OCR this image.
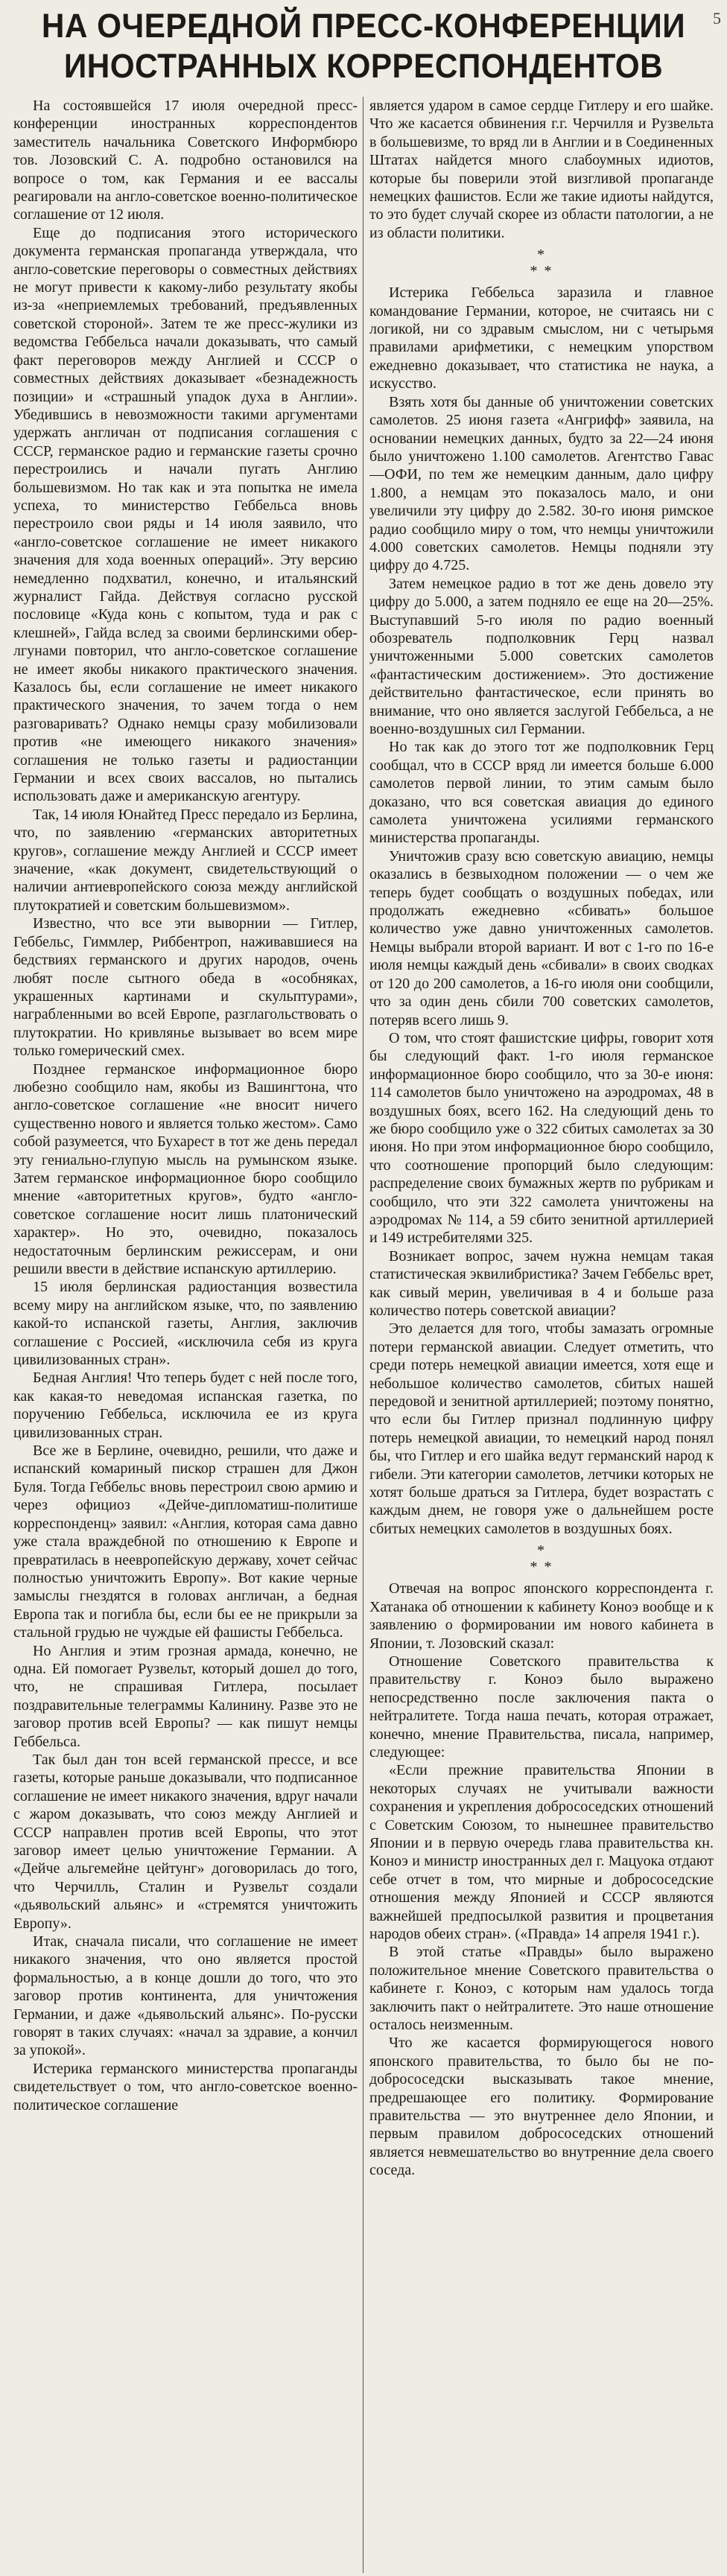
5
НА ОЧЕРЕДНОЙ ПРЕСС-КОНФЕРЕНЦИИ
ИНОСТРАННЫХ КОРРЕСПОНДЕНТОВ

На состоявшейся 17 июля очередной пресс-конференции иностранных корреспондентов заместитель начальника Советского Информбюро тов. Лозовский С. А. подробно остановился на вопросе о том, как Германия и ее вассалы реагировали на англо-советское военно-политическое соглашение от 12 июля.

Еще до подписания этого исторического документа германская пропаганда утверждала, что англо-советские переговоры о совместных действиях не могут привести к какому-либо результату якобы из-за «неприемлемых требований, предъявленных советской стороной». Затем те же пресс-жулики из ведомства Геббельса начали доказывать, что самый факт переговоров между Англией и СССР о совместных действиях доказывает «безнадежность позиции» и «страшный упадок духа в Англии». Убедившись в невозможности такими аргументами удержать англичан от подписания соглашения с СССР, германское радио и германские газеты срочно перестроились и начали пугать Англию большевизмом. Но так как и эта попытка не имела успеха, то министерство Геббельса вновь перестроило свои ряды и 14 июля заявило, что «англо-советское соглашение не имеет никакого значения для хода военных операций». Эту версию немедленно подхватил, конечно, и итальянский журналист Гайда. Действуя согласно русской пословице «Куда конь с копытом, туда и рак с клешней», Гайда вслед за своими берлинскими обер-лгунами повторил, что англо-советское соглашение не имеет якобы никакого практического значения. Казалось бы, если соглашение не имеет никакого практического значения, то зачем тогда о нем разговаривать? Однако немцы сразу мобилизовали против «не имеющего никакого значения» соглашения не только газеты и радиостанции Германии и всех своих вассалов, но пытались использовать даже и американскую агентуру.

Так, 14 июля Юнайтед Пресс передало из Берлина, что, по заявлению «германских авторитетных кругов», соглашение между Англией и СССР имеет значение, «как документ, свидетельствующий о наличии антиевропейского союза между английской плутократией и советским большевизмом».

Известно, что все эти выворнии — Гитлер, Геббельс, Гиммлер, Риббентроп, наживавшиеся на бедствиях германского и других народов, очень любят после сытного обеда в «особняках, украшенных картинами и скульптурами», награбленными во всей Европе, разглагольствовать о плутократии. Но кривлянье вызывает во всем мире только гомерический смех.

Позднее германское информационное бюро любезно сообщило нам, якобы из Вашингтона, что англо-советское соглашение «не вносит ничего существенно нового и является только жестом». Само собой разумеется, что Бухарест в тот же день передал эту гениально-глупую мысль на румынском языке. Затем германское информационное бюро сообщило мнение «авторитетных кругов», будто «англо-советское соглашение носит лишь платонический характер». Но это, очевидно, показалось недостаточным берлинским режиссерам, и они решили ввести в действие испанскую артиллерию.

15 июля берлинская радиостанция возвестила всему миру на английском языке, что, по заявлению какой-то испанской газеты, Англия, заключив соглашение с Россией, «исключила себя из круга цивилизованных стран».

Бедная Англия! Что теперь будет с ней после того, как какая-то неведомая испанская газетка, по поручению Геббельса, исключила ее из круга цивилизованных стран.

Все же в Берлине, очевидно, решили, что даже и испанский комариный пискор страшен для Джон Буля. Тогда Геббельс вновь перестроил свою армию и через официоз «Дейче-дипломатиш-политише корреспонденц» заявил: «Англия, которая сама давно уже стала враждебной по отношению к Европе и превратилась в неевропейскую державу, хочет сейчас полностью уничтожить Европу». Вот какие черные замыслы гнездятся в головах англичан, а бедная Европа так и погибла бы, если бы ее не прикрыли за стальной грудью не чуждые ей фашисты Геббельса.

Но Англия и этим грозная армада, конечно, не одна. Ей помогает Рузвельт, который дошел до того, что, не спрашивая Гитлера, посылает поздравительные телеграммы Калинину. Разве это не заговор против всей Европы? — как пишут немцы Геббельса.

Так был дан тон всей германской прессе, и все газеты, которые раньше доказывали, что подписанное соглашение не имеет никакого значения, вдруг начали с жаром доказывать, что союз между Англией и СССР направлен против всей Европы, что этот заговор имеет целью уничтожение Германии. А «Дейче альгемейне цейтунг» договорилась до того, что Черчилль, Сталин и Рузвельт создали «дьявольский альянс» и «стремятся уничтожить Европу».

Итак, сначала писали, что соглашение не имеет никакого значения, что оно является простой формальностью, а в конце дошли до того, что это заговор против континента, для уничтожения Германии, и даже «дьявольский альянс». По-русски говорят в таких случаях: «начал за здравие, а кончил за упокой».

Истерика германского министерства пропаганды свидетельствует о том, что англо-советское военно-политическое соглашение

является ударом в самое сердце Гитлеру и его шайке. Что же касается обвинения г.г. Черчилля и Рузвельта в большевизме, то вряд ли в Англии и в Соединенных Штатах найдется много слабоумных идиотов, которые бы поверили этой визгливой пропаганде немецких фашистов. Если же такие идиоты найдутся, то это будет случай скорее из области патологии, а не из области политики.

*
* *

Истерика Геббельса заразила и главное командование Германии, которое, не считаясь ни с логикой, ни со здравым смыслом, ни с четырьмя правилами арифметики, с немецким упорством ежедневно доказывает, что статистика не наука, а искусство.

Взять хотя бы данные об уничтожении советских самолетов. 25 июня газета «Ангрифф» заявила, на основании немецких данных, будто за 22—24 июня было уничтожено 1.100 самолетов. Агентство Гавас—ОФИ, по тем же немецким данным, дало цифру 1.800, а немцам это показалось мало, и они увеличили эту цифру до 2.582. 30-го июня римское радио сообщило миру о том, что немцы уничтожили 4.000 советских самолетов. Немцы подняли эту цифру до 4.725.

Затем немецкое радио в тот же день довело эту цифру до 5.000, а затем подняло ее еще на 20—25%. Выступавший 5-го июля по радио военный обозреватель подполковник Герц назвал уничтоженными 5.000 советских самолетов «фантастическим достижением». Это достижение действительно фантастическое, если принять во внимание, что оно является заслугой Геббельса, а не военно-воздушных сил Германии.

Но так как до этого тот же подполковник Герц сообщал, что в СССР вряд ли имеется больше 6.000 самолетов первой линии, то этим самым было доказано, что вся советская авиация до единого самолета уничтожена усилиями германского министерства пропаганды.

Уничтожив сразу всю советскую авиацию, немцы оказались в безвыходном положении — о чем же теперь будет сообщать о воздушных победах, или продолжать ежедневно «сбивать» большое количество уже давно уничтоженных самолетов. Немцы выбрали второй вариант. И вот с 1-го по 16-е июля немцы каждый день «сбивали» в своих сводках от 120 до 200 самолетов, а 16-го июля они сообщили, что за один день сбили 700 советских самолетов, потеряв всего лишь 9.

О том, что стоят фашистские цифры, говорит хотя бы следующий факт. 1-го июля германское информационное бюро сообщило, что за 30-е июня: 114 самолетов было уничтожено на аэродромах, 48 в воздушных боях, всего 162. На следующий день то же бюро сообщило уже о 322 сбитых самолетах за 30 июня. Но при этом информационное бюро сообщило, что соотношение пропорций было следующим: распределение своих бумажных жертв по рубрикам и сообщило, что эти 322 самолета уничтожены на аэродромах № 114, а 59 сбито зенитной артиллерией и 149 истребителями 325.

Возникает вопрос, зачем нужна немцам такая статистическая эквилибристика? Зачем Геббельс врет, как сивый мерин, увеличивая в 4 и больше раза количество потерь советской авиации?

Это делается для того, чтобы замазать огромные потери германской авиации. Следует отметить, что среди потерь немецкой авиации имеется, хотя еще и небольшое количество самолетов, сбитых нашей передовой и зенитной артиллерией; поэтому понятно, что если бы Гитлер признал подлинную цифру потерь немецкой авиации, то немецкий народ понял бы, что Гитлер и его шайка ведут германский народ к гибели. Эти категории самолетов, летчики которых не хотят больше драться за Гитлера, будет возрастать с каждым днем, не говоря уже о дальнейшем росте сбитых немецких самолетов в воздушных боях.

*
* *

Отвечая на вопрос японского корреспондента г. Хатанака об отношении к кабинету Коноэ вообще и к заявлению о формировании им нового кабинета в Японии, т. Лозовский сказал:

Отношение Советского правительства к правительству г. Коноэ было выражено непосредственно после заключения пакта о нейтралитете. Тогда наша печать, которая отражает, конечно, мнение Правительства, писала, например, следующее:

«Если прежние правительства Японии в некоторых случаях не учитывали важности сохранения и укрепления добрососедских отношений с Советским Союзом, то нынешнее правительство Японии и в первую очередь глава правительства кн. Коноэ и министр иностранных дел г. Мацуока отдают себе отчет в том, что мирные и добрососедские отношения между Японией и СССР являются важнейшей предпосылкой развития и процветания народов обеих стран». («Правда» 14 апреля 1941 г.).

В этой статье «Правды» было выражено положительное мнение Советского правительства о кабинете г. Коноэ, с которым нам удалось тогда заключить пакт о нейтралитете. Это наше отношение осталось неизменным.

Что же касается формирующегося нового японского правительства, то было бы не по-добрососедски высказывать такое мнение, предрешающее его политику. Формирование правительства — это внутреннее дело Японии, и первым правилом добрососедских отношений является невмешательство во внутренние дела своего соседа.
